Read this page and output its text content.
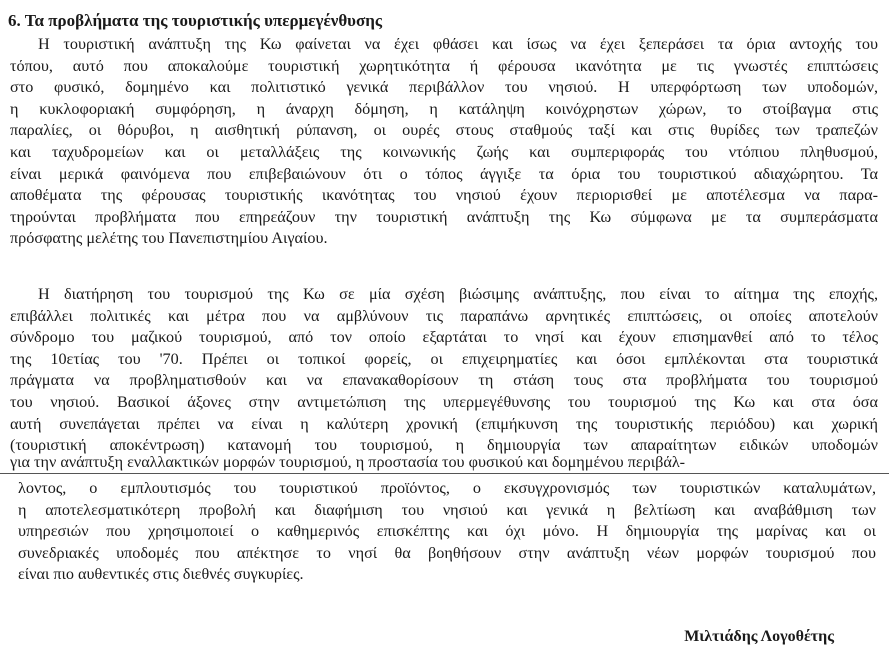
6. Τα προβλήματα της τουριστικής υπερμεγένθυσης
Η τουριστική ανάπτυξη της Κω φαίνεται να έχει φθάσει και ίσως να έχει ξεπεράσει τα όρια αντοχής του
τόπου, αυτό που αποκαλούμε τουριστική χωρητικότητα ή φέρουσα ικανότητα με τις γνωστές επιπτώσεις
στο φυσικό, δομημένο και πολιτιστικό γενικά περιβάλλον του νησιού. Η υπερφόρτωση των υποδομών,
η κυκλοφοριακή συμφόρηση, η άναρχη δόμηση, η κατάληψη κοινόχρηστων χώρων, το στοίβαγμα στις
παραλίες, οι θόρυβοι, η αισθητική ρύπανση, οι ουρές στους σταθμούς ταξί και στις θυρίδες των τραπεζών
και ταχυδρομείων και οι μεταλλάξεις της κοινωνικής ζωής και συμπεριφοράς του ντόπιου πληθυσμού,
είναι μερικά φαινόμενα που επιβεβαιώνουν ότι ο τόπος άγγιξε τα όρια του τουριστικού αδιαχώρητου. Τα
αποθέματα της φέρουσας τουριστικής ικανότητας του νησιού έχουν περιορισθεί με αποτέλεσμα να παρα-
τηρούνται προβλήματα που επηρεάζουν την τουριστική ανάπτυξη της Κω σύμφωνα με τα συμπεράσματα
πρόσφατης μελέτης του Πανεπιστημίου Αιγαίου.
Η διατήρηση του τουρισμού της Κω σε μία σχέση βιώσιμης ανάπτυξης, που είναι το αίτημα της εποχής,
επιβάλλει πολιτικές και μέτρα που να αμβλύνουν τις παραπάνω αρνητικές επιπτώσεις, οι οποίες αποτελούν
σύνδρομο του μαζικού τουρισμού, από τον οποίο εξαρτάται το νησί και έχουν επισημανθεί από το τέλος
της 10ετίας του '70. Πρέπει οι τοπικοί φορείς, οι επιχειρηματίες και όσοι εμπλέκονται στα τουριστικά
πράγματα να προβληματισθούν και να επανακαθορίσουν τη στάση τους στα προβλήματα του τουρισμού
του νησιού. Βασικοί άξονες στην αντιμετώπιση της υπερμεγέθυνσης του τουρισμού της Κω και στα όσα
αυτή συνεπάγεται πρέπει να είναι η καλύτερη χρονική (επιμήκυνση της τουριστικής περιόδου) και χωρική
(τουριστική αποκέντρωση) κατανομή του τουρισμού, η δημιουργία των απαραίτητων ειδικών υποδομών
για την ανάπτυξη εναλλακτικών μορφών τουρισμού, η προστασία του φυσικού και δομημένου περιβάλ-
λοντος, ο εμπλουτισμός του τουριστικού προϊόντος, ο εκσυγχρονισμός των τουριστικών καταλυμάτων,
η αποτελεσματικότερη προβολή και διαφήμιση του νησιού και γενικά η βελτίωση και αναβάθμιση των
υπηρεσιών που χρησιμοποιεί ο καθημερινός επισκέπτης και όχι μόνο. Η δημιουργία της μαρίνας και οι
συνεδριακές υποδομές που απέκτησε το νησί θα βοηθήσουν στην ανάπτυξη νέων μορφών τουρισμού που
είναι πιο αυθεντικές στις διεθνές συγκυρίες.
Μιλτιάδης Λογοθέτης
